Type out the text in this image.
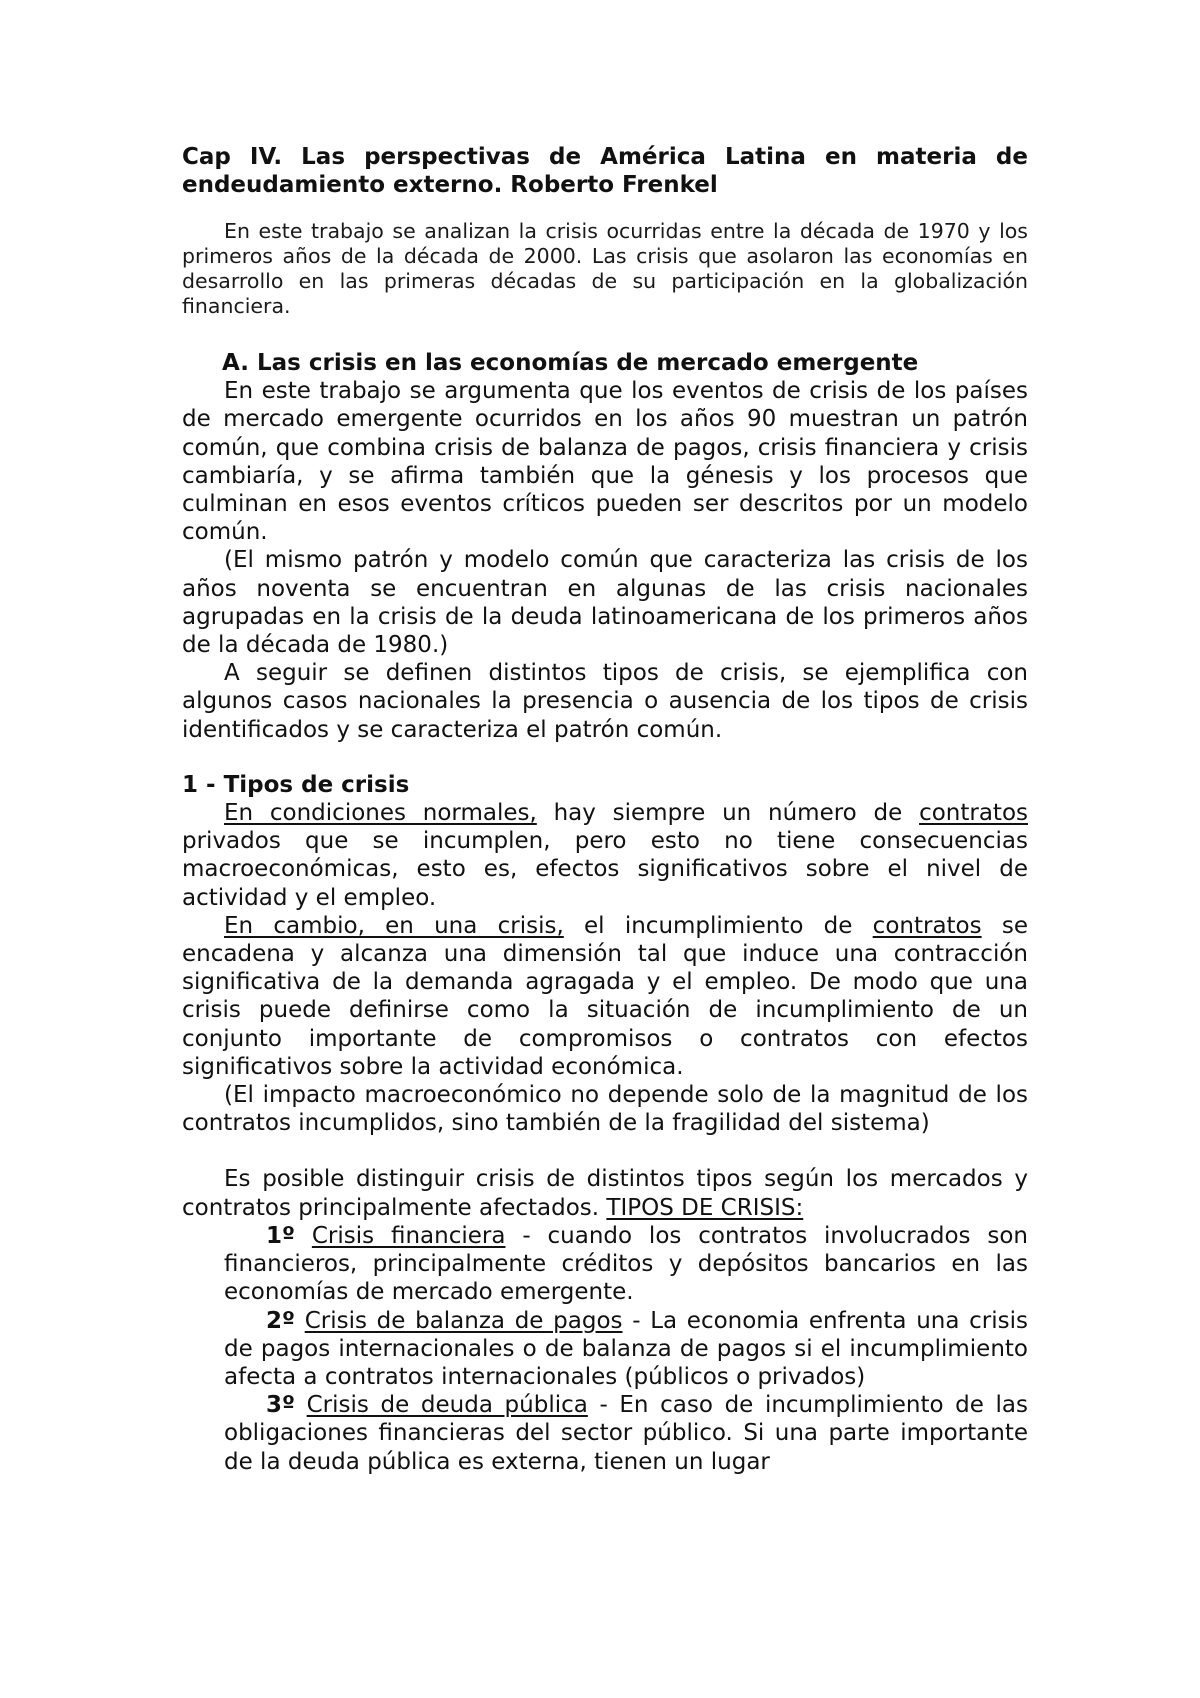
Cap IV. Las perspectivas de América Latina en materia de endeudamiento externo. Roberto Frenkel

En este trabajo se analizan la crisis ocurridas entre la década de 1970 y los primeros años de la década de 2000. Las crisis que asolaron las economías en desarrollo en las primeras décadas de su participación en la globalización financiera.

A. Las crisis en las economías de mercado emergente

En este trabajo se argumenta que los eventos de crisis de los países de mercado emergente ocurridos en los años 90 muestran un patrón común, que combina crisis de balanza de pagos, crisis financiera y crisis cambiaría, y se afirma también que la génesis y los procesos que culminan en esos eventos críticos pueden ser descritos por un modelo común.

(El mismo patrón y modelo común que caracteriza las crisis de los años noventa se encuentran en algunas de las crisis nacionales agrupadas en la crisis de la deuda latinoamericana de los primeros años de la década de 1980.)

A seguir se definen distintos tipos de crisis, se ejemplifica con algunos casos nacionales la presencia o ausencia de los tipos de crisis identificados y se caracteriza el patrón común.

1 - Tipos de crisis

En condiciones normales, hay siempre un número de contratos privados que se incumplen, pero esto no tiene consecuencias macroeconómicas, esto es, efectos significativos sobre el nivel de actividad y el empleo.

En cambio, en una crisis, el incumplimiento de contratos se encadena y alcanza una dimensión tal que induce una contracción significativa de la demanda agragada y el empleo. De modo que una crisis puede definirse como la situación de incumplimiento de un conjunto importante de compromisos o contratos con efectos significativos sobre la actividad económica.

(El impacto macroeconómico no depende solo de la magnitud de los contratos incumplidos, sino también de la fragilidad del sistema)

Es posible distinguir crisis de distintos tipos según los mercados y contratos principalmente afectados. TIPOS DE CRISIS:

1º Crisis financiera - cuando los contratos involucrados son financieros, principalmente créditos y depósitos bancarios en las economías de mercado emergente.

2º Crisis de balanza de pagos - La economia enfrenta una crisis de pagos internacionales o de balanza de pagos si el incumplimiento afecta a contratos internacionales (públicos o privados)

3º Crisis de deuda pública - En caso de incumplimiento de las obligaciones financieras del sector público. Si una parte importante de la deuda pública es externa, tienen un lugar
